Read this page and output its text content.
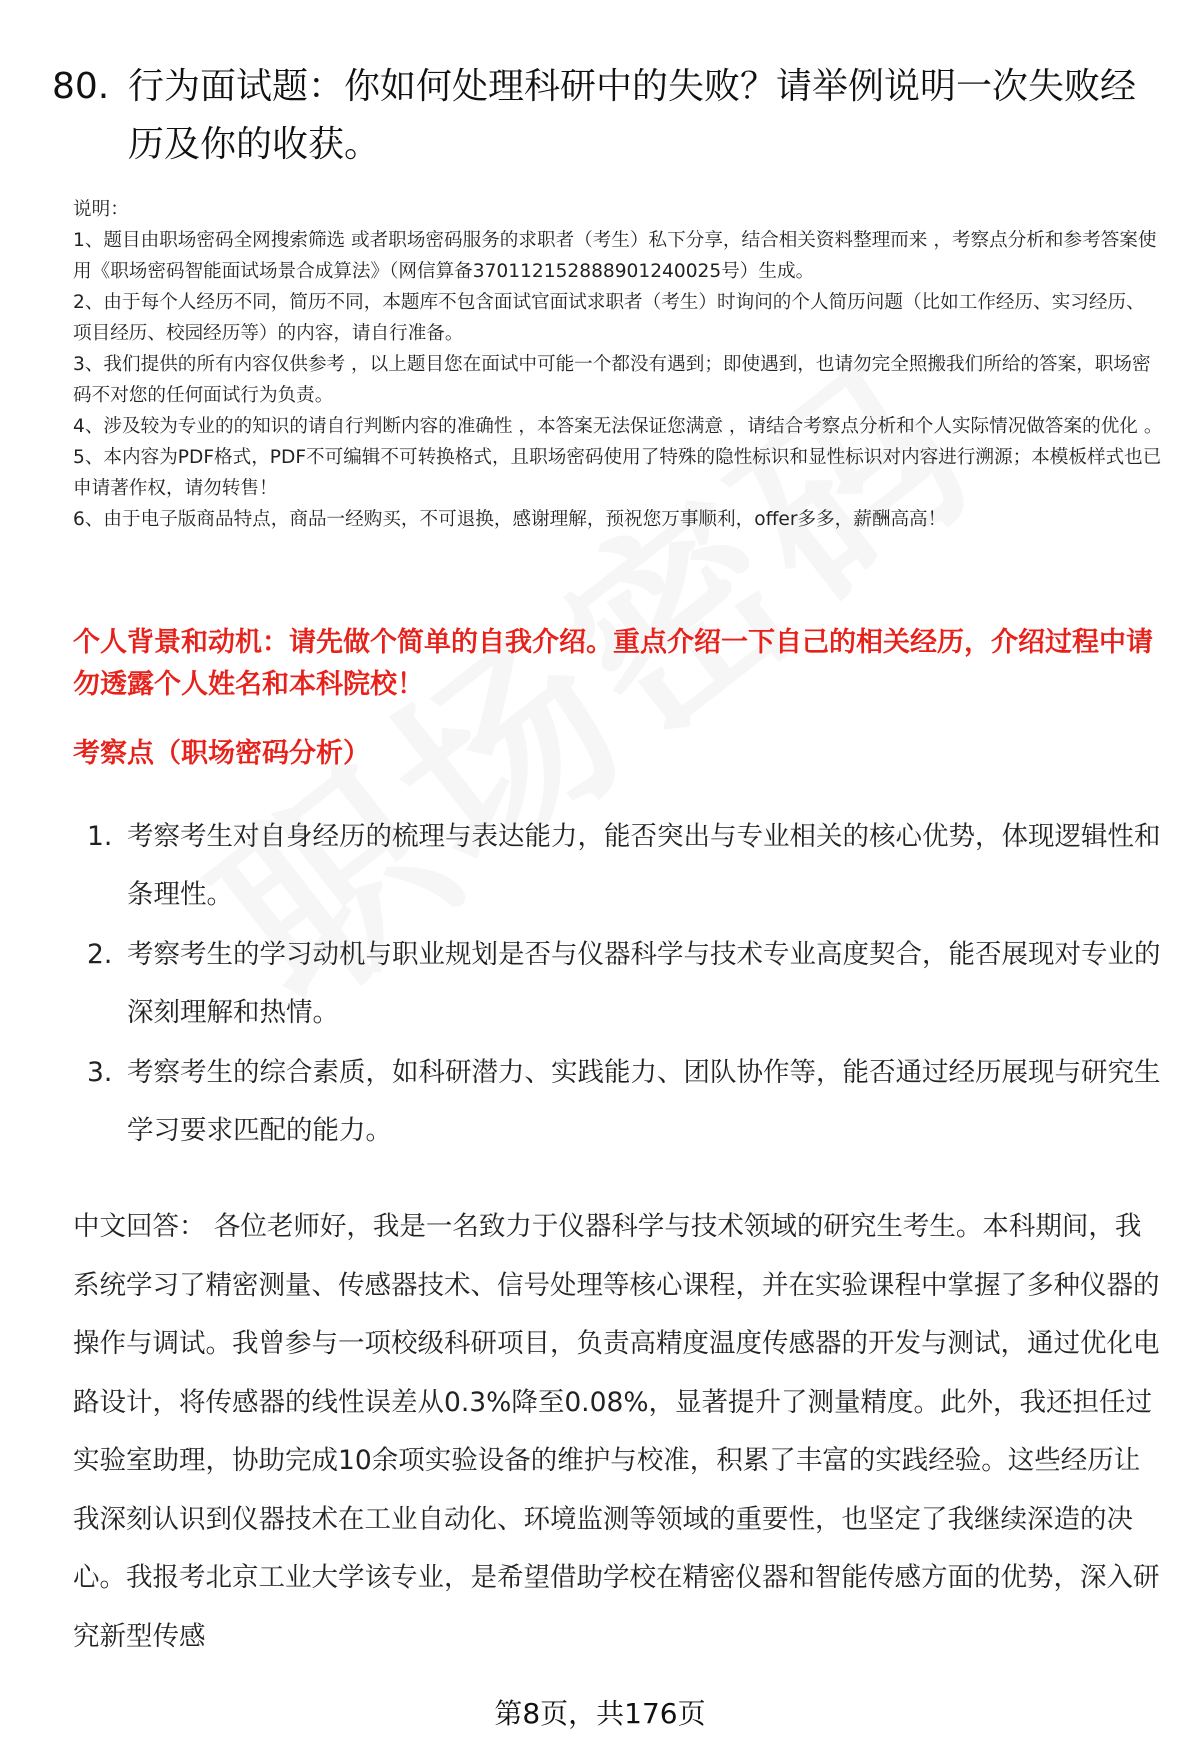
80. 行为面试题：你如何处理科研中的失败？请举例说明一次失败经
历及你的收获。

说明：

1、题目由职场密码全网搜索筛选 或者职场密码服务的求职者（考生）私下分享，结合相关资料整理而来 ，考察点分析和参考答案使用《职场密码智能面试场景合成算法》（网信算备370112152888901240025号）生成。

2、由于每个人经历不同，简历不同，本题库不包含面试官面试求职者（考生）时询问的个人简历问题（比如工作经历、实习经历、项目经历、校园经历等）的内容，请自行准备。

3、我们提供的所有内容仅供参考 ，以上题目您在面试中可能一个都没有遇到；即使遇到，也请勿完全照搬我们所给的答案，职场密码不对您的任何面试行为负责。

4、涉及较为专业的的知识的请自行判断内容的准确性 ，本答案无法保证您满意 ，请结合考察点分析和个人实际情况做答案的优化 。

5、本内容为PDF格式，PDF不可编辑不可转换格式，且职场密码使用了特殊的隐性标识和显性标识对内容进行溯源；本模板样式也已申请著作权，请勿转售！

6、由于电子版商品特点，商品一经购买，不可退换，感谢理解，预祝您万事顺利，offer多多，薪酬高高！

个人背景和动机：请先做个简单的自我介绍。重点介绍一下自己的相关经历，介绍过程中请勿透露个人姓名和本科院校！
考察点（职场密码分析）
1. 考察考生对自身经历的梳理与表达能力，能否突出与专业相关的核心优势，体现逻辑性和条理性。
2. 考察考生的学习动机与职业规划是否与仪器科学与技术专业高度契合，能否展现对专业的深刻理解和热情。
3. 考察考生的综合素质，如科研潜力、实践能力、团队协作等，能否通过经历展现与研究生学习要求匹配的能力。
中文回答： 各位老师好，我是一名致力于仪器科学与技术领域的研究生考生。本科期间，我系统学习了精密测量、传感器技术、信号处理等核心课程，并在实验课程中掌握了多种仪器的操作与调试。我曾参与一项校级科研项目，负责高精度温度传感器的开发与测试，通过优化电路设计，将传感器的线性误差从0.3%降至0.08%，显著提升了测量精度。此外，我还担任过实验室助理，协助完成10余项实验设备的维护与校准，积累了丰富的实践经验。这些经历让我深刻认识到仪器技术在工业自动化、环境监测等领域的重要性，也坚定了我继续深造的决心。我报考北京工业大学该专业，是希望借助学校在精密仪器和智能传感方面的优势，深入研究新型传感
第8页，共176页
